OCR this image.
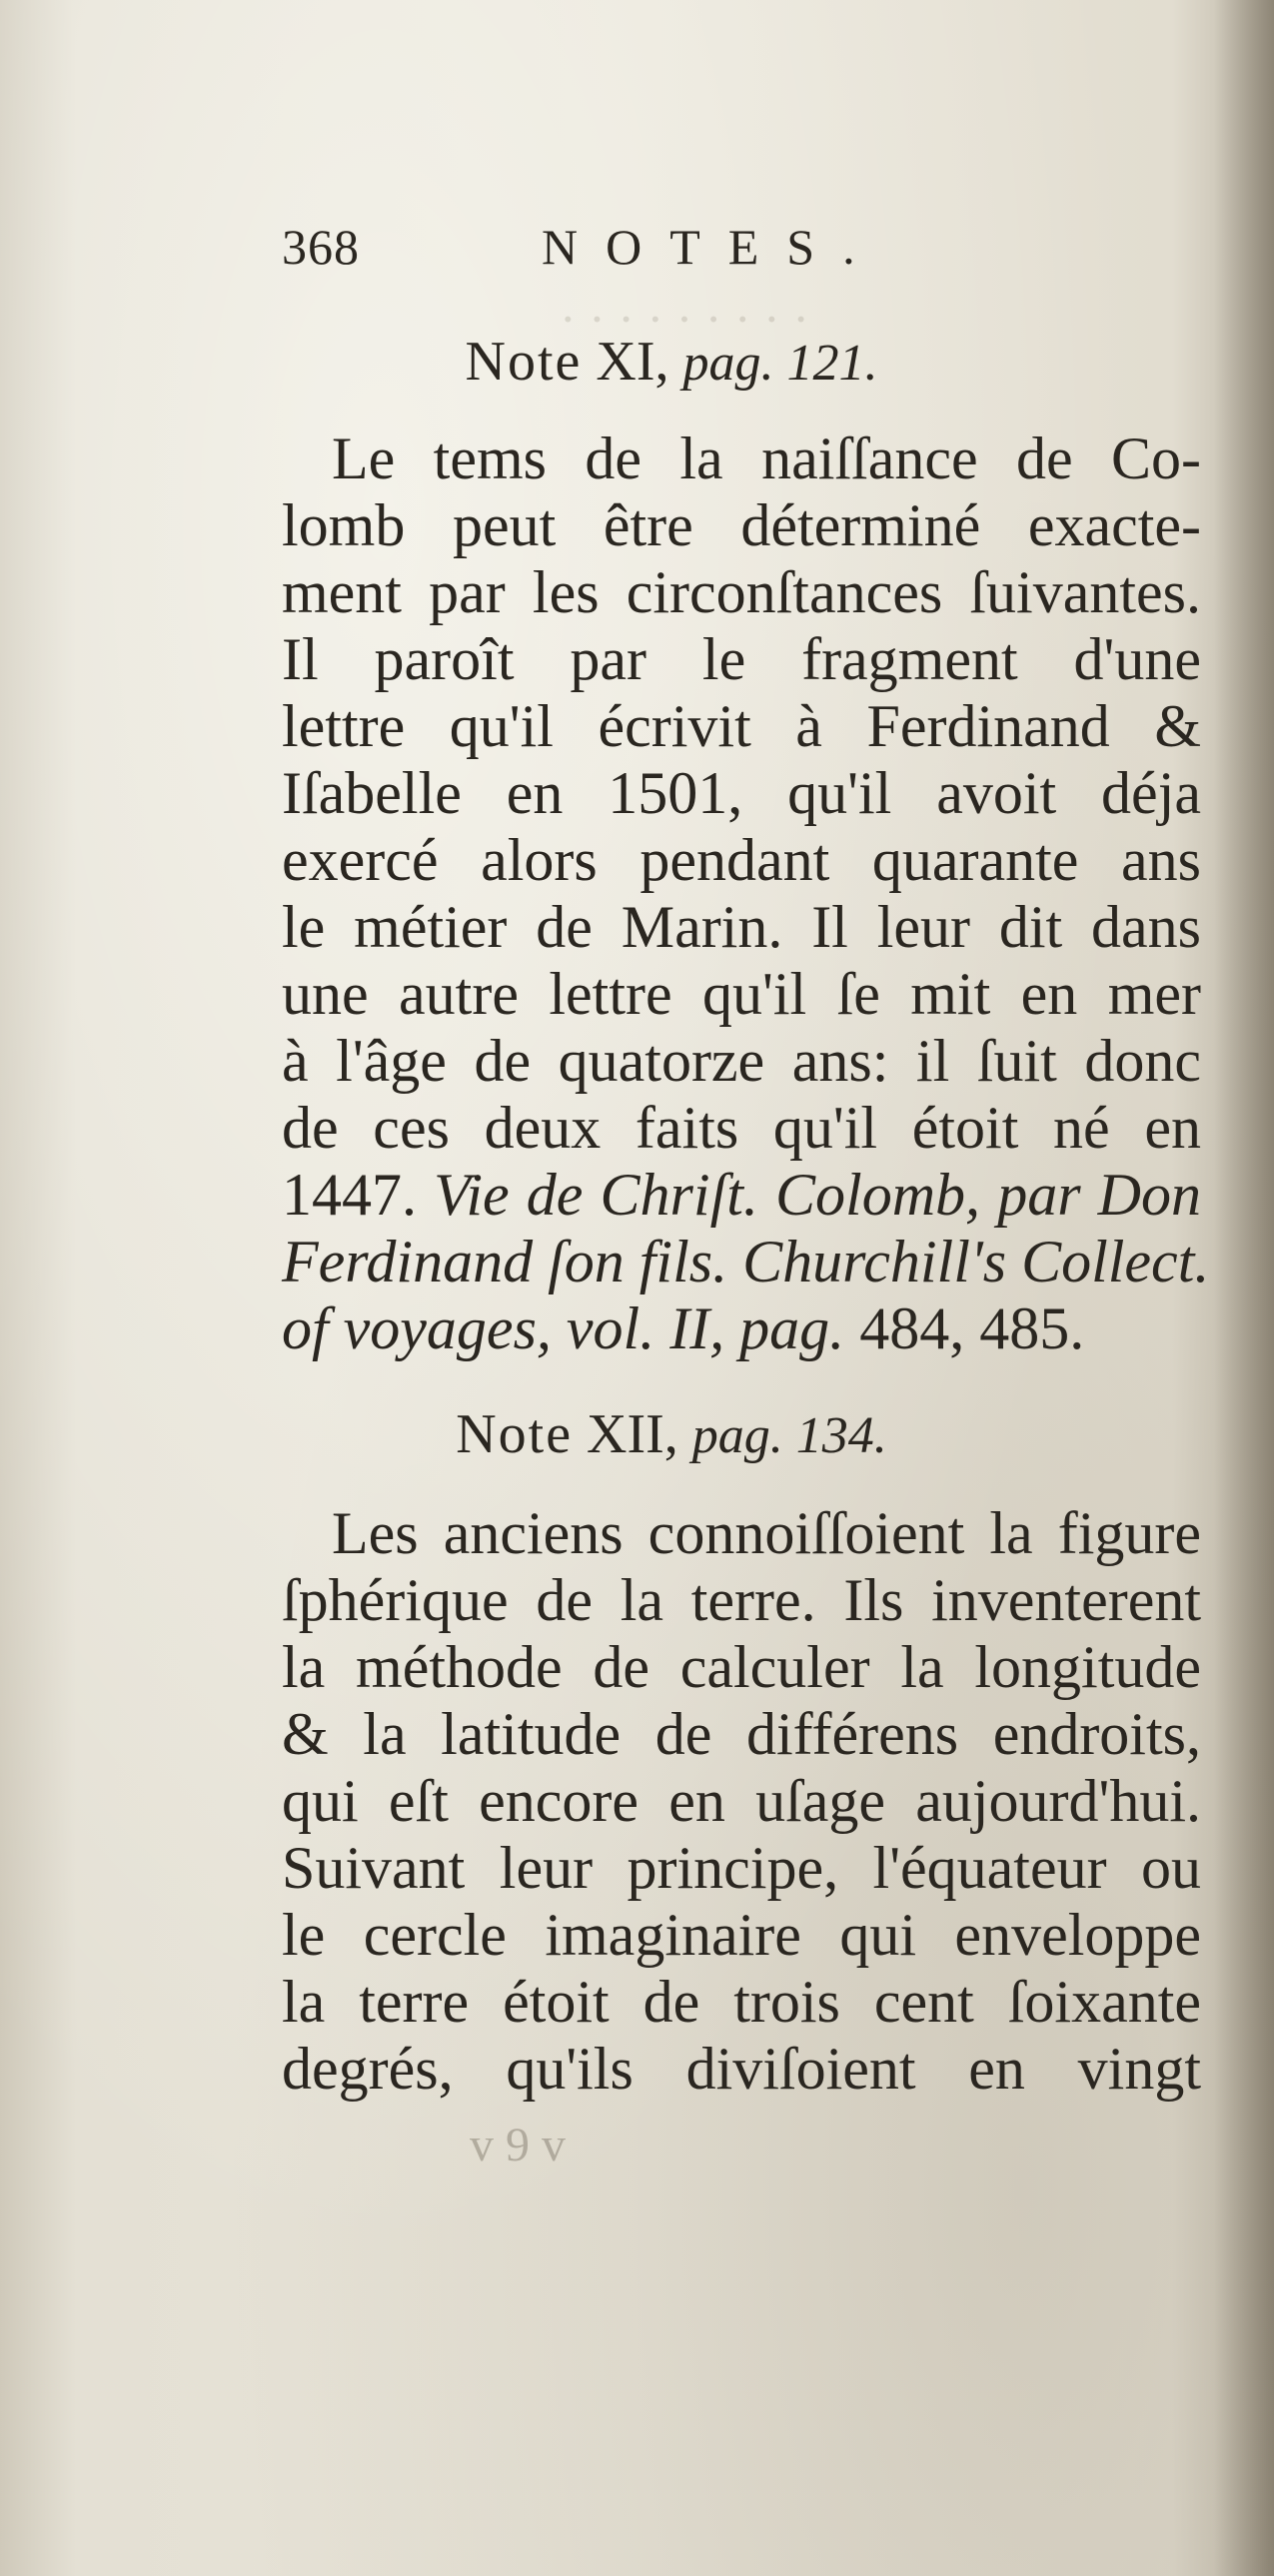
· · · · · · · · ·
368	NOTES.
Note XI, pag. 121.
Le tems de la naiſſance de Co-
lomb peut être déterminé exacte-
ment par les circonſtances ſuivantes.
Il paroît par le fragment d'une
lettre qu'il écrivit à Ferdinand &
Iſabelle en 1501, qu'il avoit déja
exercé alors pendant quarante ans
le métier de Marin. Il leur dit dans
une autre lettre qu'il ſe mit en mer
à l'âge de quatorze ans: il ſuit donc
de ces deux faits qu'il étoit né en
1447. Vie de Chriſt. Colomb, par Don
Ferdinand ſon fils. Churchill's Collect.
of voyages, vol. II, pag. 484, 485.
Note XII, pag. 134.
Les anciens connoiſſoient la figure
ſphérique de la terre. Ils inventerent
la méthode de calculer la longitude
& la latitude de différens endroits,
qui eſt encore en uſage aujourd'hui.
Suivant leur principe, l'équateur ou
le cercle imaginaire qui enveloppe
la terre étoit de trois cent ſoixante
degrés, qu'ils diviſoient en vingt
v 9 v
